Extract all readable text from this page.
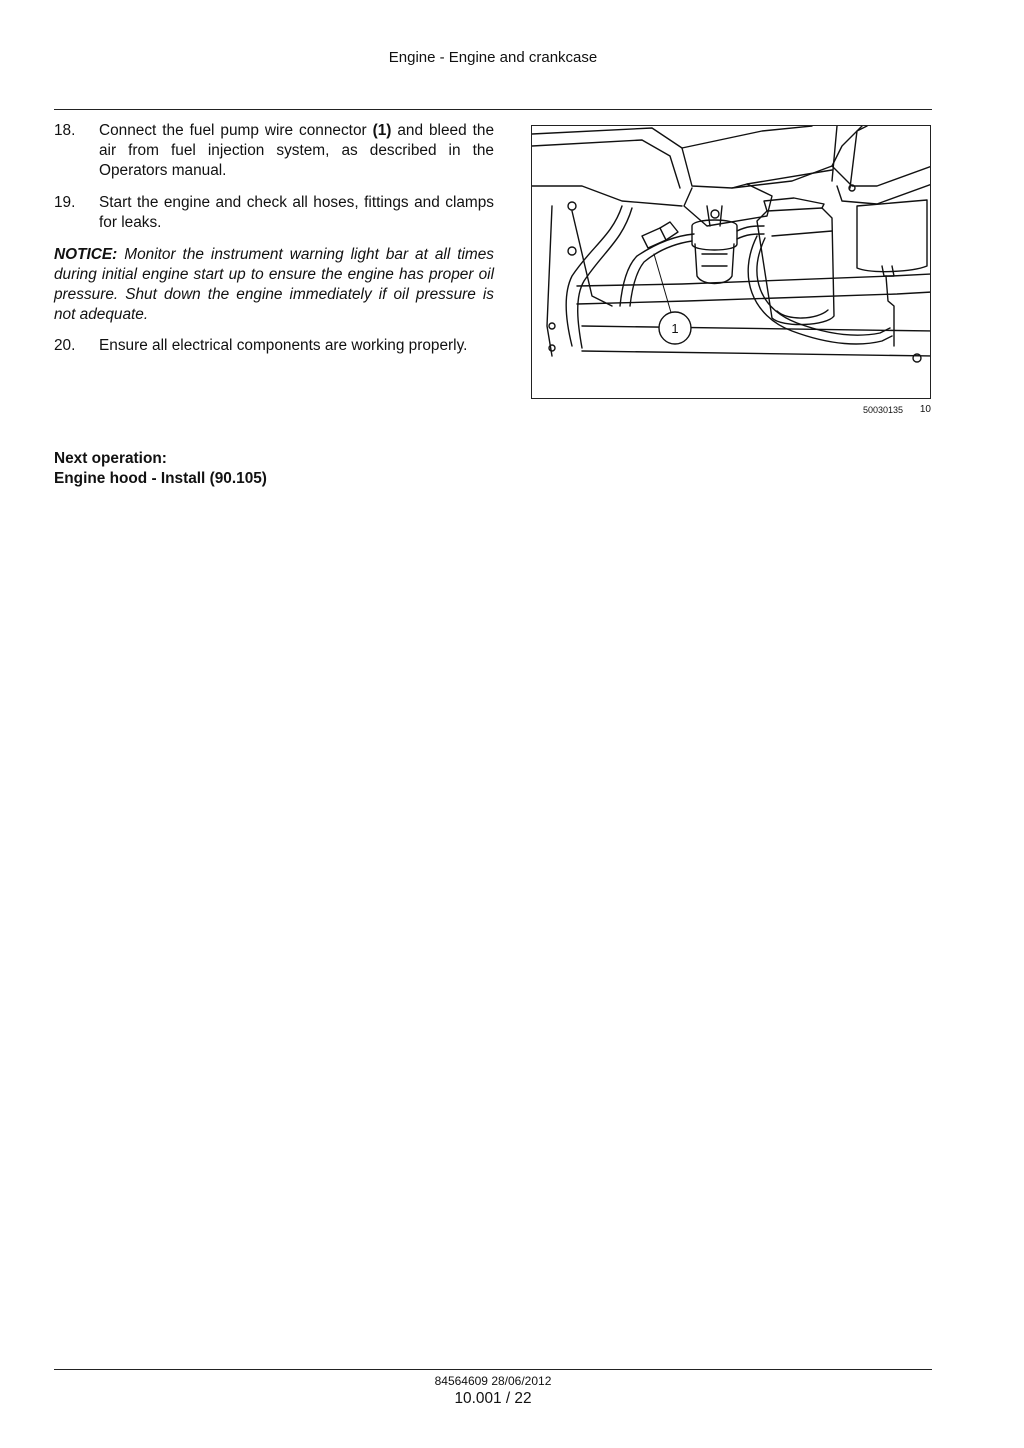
Engine - Engine and crankcase
18.	Connect the fuel pump wire connector (1) and bleed the air from fuel injection system, as described in the Operators manual.
19.	Start the engine and check all hoses, fittings and clamps for leaks.
NOTICE: Monitor the instrument warning light bar at all times during initial engine start up to ensure the engine has proper oil pressure. Shut down the engine immediately if oil pressure is not adequate.
20.	Ensure all electrical components are working properly.
1
50030135 10
Next operation:
Engine hood - Install (90.105)
84564609 28/06/2012
10.001 / 22
